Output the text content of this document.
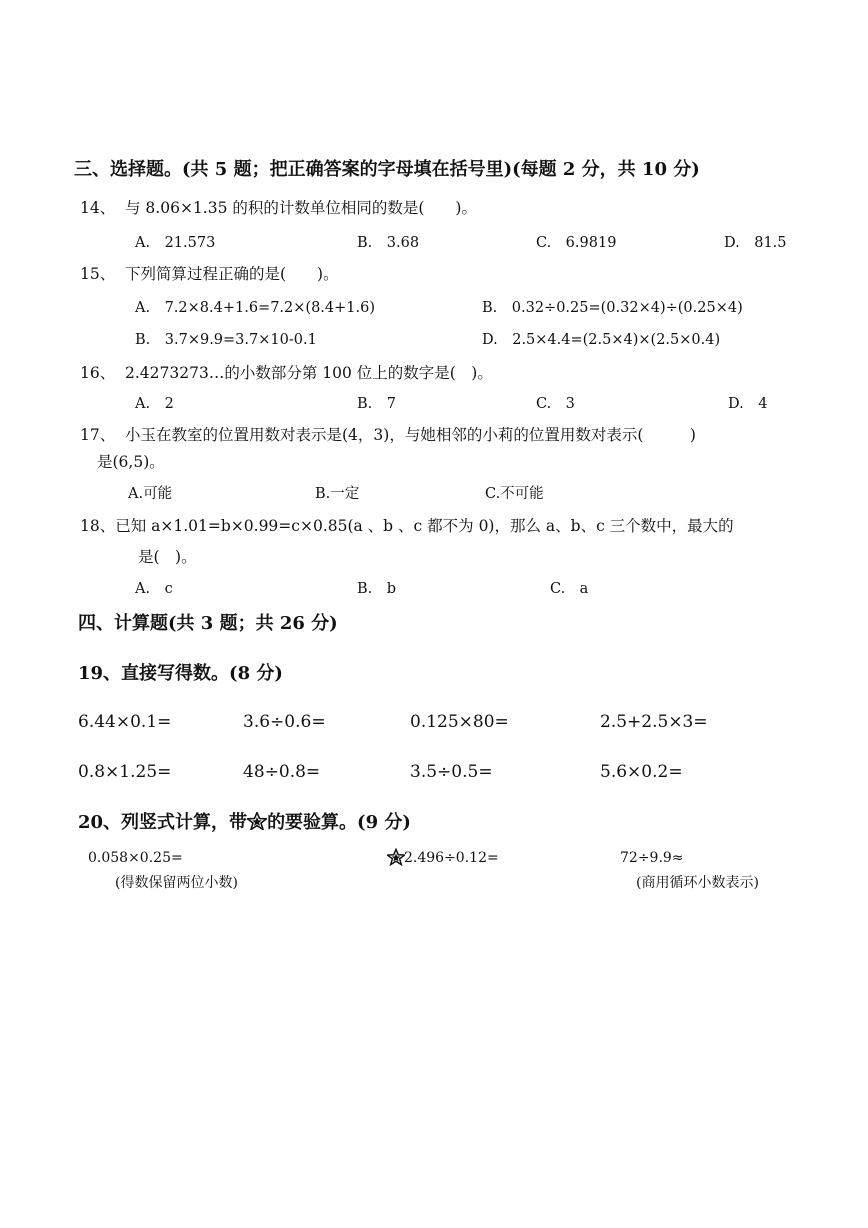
三、选择题。(共 5 题；把正确答案的字母填在括号里)(每题 2 分，共 10 分)
14、 与 8.06×1.35 的积的计数单位相同的数是(　　)。
A.　21.573	B.　3.68	C.　6.9819	D.　81.5
15、 下列简算过程正确的是(　　)。
A.　7.2×8.4+1.6=7.2×(8.4+1.6)	B.　0.32÷0.25=(0.32×4)÷(0.25×4)
B.　3.7×9.9=3.7×10-0.1	D.　2.5×4.4=(2.5×4)×(2.5×0.4)
16、 2.4273273…的小数部分第 100 位上的数字是(　)。
A.　2	B.　7	C.　3	D.　4
17、 小玉在教室的位置用数对表示是(4，3)，与她相邻的小莉的位置用数对表示(　　　)
是(6,5)。
A.可能	B.一定	C.不可能
18、已知 a×1.01=b×0.99=c×0.85(a 、b 、c 都不为 0)，那么 a、b、c 三个数中，最大的
是(　)。
A.　c	B.　b	C.　a
四、计算题(共 3 题；共 26 分)
19、直接写得数。(8 分)
6.44×0.1=	3.6÷0.6=	0.125×80=	2.5+2.5×3=
0.8×1.25=	48÷0.8=	3.5÷0.5=	5.6×0.2=
20、列竖式计算，带 的要验算。(9 分)
0.058×0.25=
(得数保留两位小数)
2.496÷0.12=	72÷9.9≈
(商用循环小数表示)
